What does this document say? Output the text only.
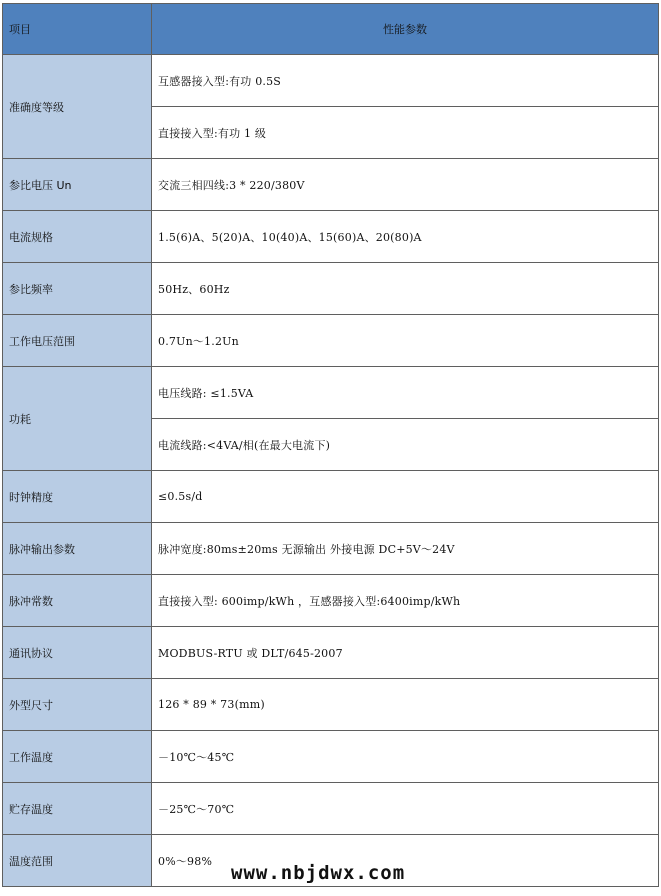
项目	性能参数
准确度等级	互感器接入型:有功 0.5S
	直接接入型:有功 1 级
参比电压 Un	交流三相四线:3 * 220/380V
电流规格	1.5(6)A、5(20)A、10(40)A、15(60)A、20(80)A
参比频率	50Hz、60Hz
工作电压范围	0.7Un～1.2Un
功耗	电压线路: ≤1.5VA
	电流线路:<4VA/相(在最大电流下)
时钟精度	≤0.5s/d
脉冲输出参数	脉冲宽度:80ms±20ms 无源输出 外接电源 DC+5V～24V
脉冲常数	直接接入型: 600imp/kWh ，互感器接入型:6400imp/kWh
通讯协议	MODBUS-RTU 或 DLT/645-2007
外型尺寸	126 * 89 * 73(mm)
工作温度	－10℃～45℃
贮存温度	－25℃～70℃
温度范围	0%～98%
www.nbjdwx.com
